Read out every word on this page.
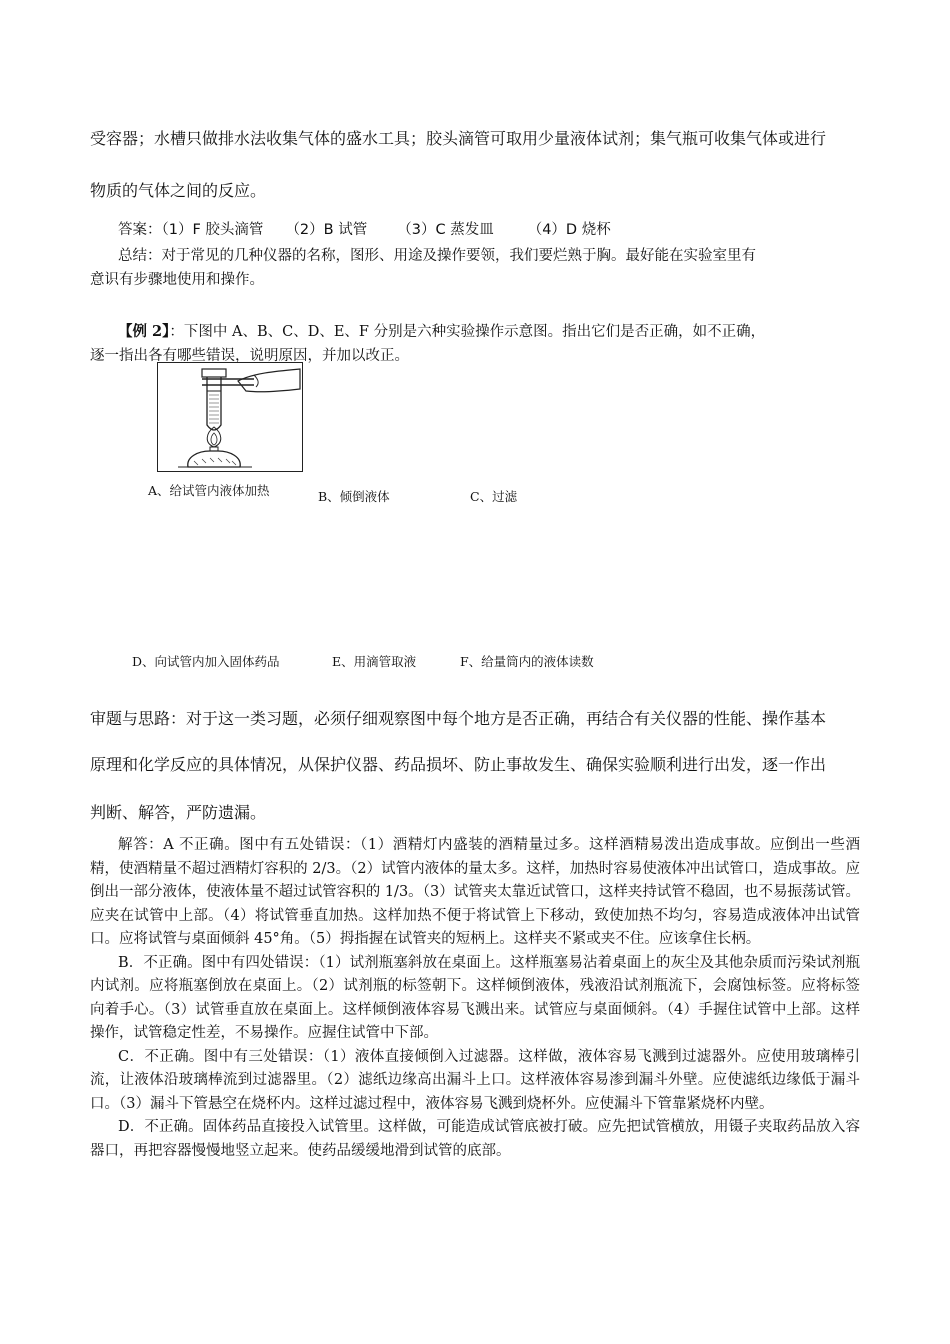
受容器；水槽只做排水法收集气体的盛水工具；胶头滴管可取用少量液体试剂；集气瓶可收集气体或进行
物质的气体之间的反应。
答案：（1）F 胶头滴管 （2）B 试管 （3）C 蒸发皿 （4）D 烧杯
总结：对于常见的几种仪器的名称，图形、用途及操作要领，我们要烂熟于胸。最好能在实验室里有
意识有步骤地使用和操作。
【例 2】：下图中 A、B、C、D、E、F 分别是六种实验操作示意图。指出它们是否正确，如不正确，
逐一指出各有哪些错误，说明原因，并加以改正。
A、给试管内液体加热	B、倾倒液体	C、过滤
D、向试管内加入固体药品	E、用滴管取液	F、给量筒内的液体读数
审题与思路：对于这一类习题，必须仔细观察图中每个地方是否正确，再结合有关仪器的性能、操作基本
原理和化学反应的具体情况，从保护仪器、药品损坏、防止事故发生、确保实验顺利进行出发，逐一作出
判断、解答，严防遗漏。

解答：A 不正确。图中有五处错误：（1）酒精灯内盛装的酒精量过多。这样酒精易泼出造成事故。应倒出一些酒精，使酒精量不超过酒精灯容积的 2/3。（2）试管内液体的量太多。这样，加热时容易使液体冲出试管口，造成事故。应倒出一部分液体，使液体量不超过试管容积的 1/3。（3）试管夹太靠近试管口，这样夹持试管不稳固，也不易振荡试管。应夹在试管中上部。（4）将试管垂直加热。这样加热不便于将试管上下移动，致使加热不均匀，容易造成液体冲出试管口。应将试管与桌面倾斜 45°角。（5）拇指握在试管夹的短柄上。这样夹不紧或夹不住。应该拿住长柄。

B．不正确。图中有四处错误：（1）试剂瓶塞斜放在桌面上。这样瓶塞易沾着桌面上的灰尘及其他杂质而污染试剂瓶内试剂。应将瓶塞倒放在桌面上。（2）试剂瓶的标签朝下。这样倾倒液体，残液沿试剂瓶流下，会腐蚀标签。应将标签向着手心。（3）试管垂直放在桌面上。这样倾倒液体容易飞溅出来。试管应与桌面倾斜。（4）手握住试管中上部。这样操作，试管稳定性差，不易操作。应握住试管中下部。

C．不正确。图中有三处错误：（1）液体直接倾倒入过滤器。这样做，液体容易飞溅到过滤器外。应使用玻璃棒引流，让液体沿玻璃棒流到过滤器里。（2）滤纸边缘高出漏斗上口。这样液体容易渗到漏斗外壁。应使滤纸边缘低于漏斗口。（3）漏斗下管悬空在烧杯内。这样过滤过程中，液体容易飞溅到烧杯外。应使漏斗下管靠紧烧杯内壁。

D．不正确。固体药品直接投入试管里。这样做，可能造成试管底被打破。应先把试管横放，用镊子夹取药品放入容器口，再把容器慢慢地竖立起来。使药品缓缓地滑到试管的底部。
